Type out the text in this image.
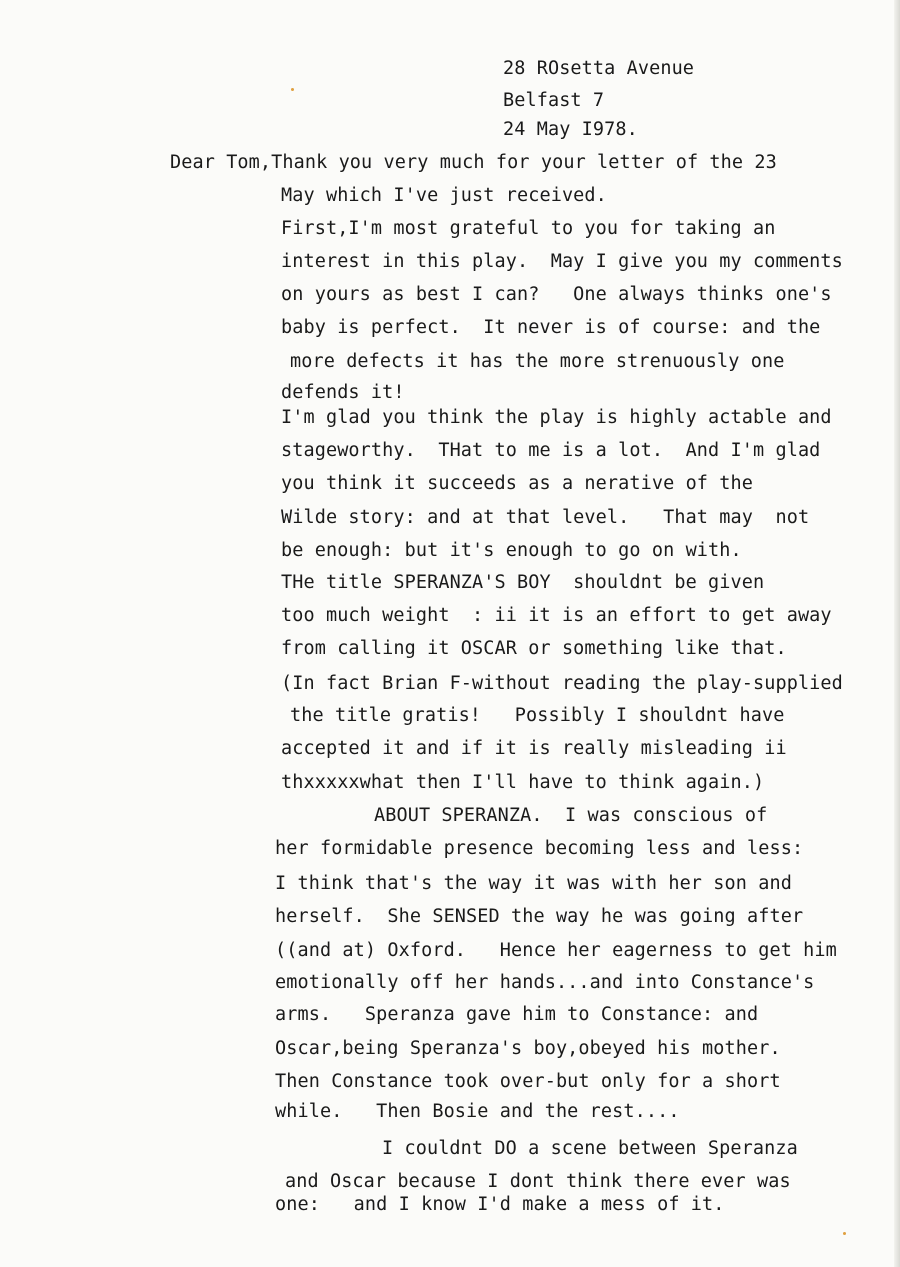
28 ROsetta Avenue
Belfast 7
24 May I978.
Dear Tom,Thank you very much for your letter of the 23
May which I've just received.
First,I'm most grateful to you for taking an
interest in this play.  May I give you my comments
on yours as best I can?   One always thinks one's
baby is perfect.  It never is of course: and the
more defects it has the more strenuously one
defends it!
I'm glad you think the play is highly actable and
stageworthy.  THat to me is a lot.  And I'm glad
you think it succeeds as a nerative of the
Wilde story: and at that level.   That may  not
be enough: but it's enough to go on with.
THe title SPERANZA'S BOY  shouldnt be given
too much weight  : ii it is an effort to get away
from calling it OSCAR or something like that.
(In fact Brian F-without reading the play-supplied
the title gratis!   Possibly I shouldnt have
accepted it and if it is really misleading ii
thxxxxxwhat then I'll have to think again.)
ABOUT SPERANZA.  I was conscious of
her formidable presence becoming less and less:
I think that's the way it was with her son and
herself.  She SENSED the way he was going after
((and at) Oxford.   Hence her eagerness to get him
emotionally off her hands...and into Constance's
arms.   Speranza gave him to Constance: and
Oscar,being Speranza's boy,obeyed his mother.
Then Constance took over-but only for a short
while.   Then Bosie and the rest....
I couldnt DO a scene between Speranza
and Oscar because I dont think there ever was
one:   and I know I'd make a mess of it.
